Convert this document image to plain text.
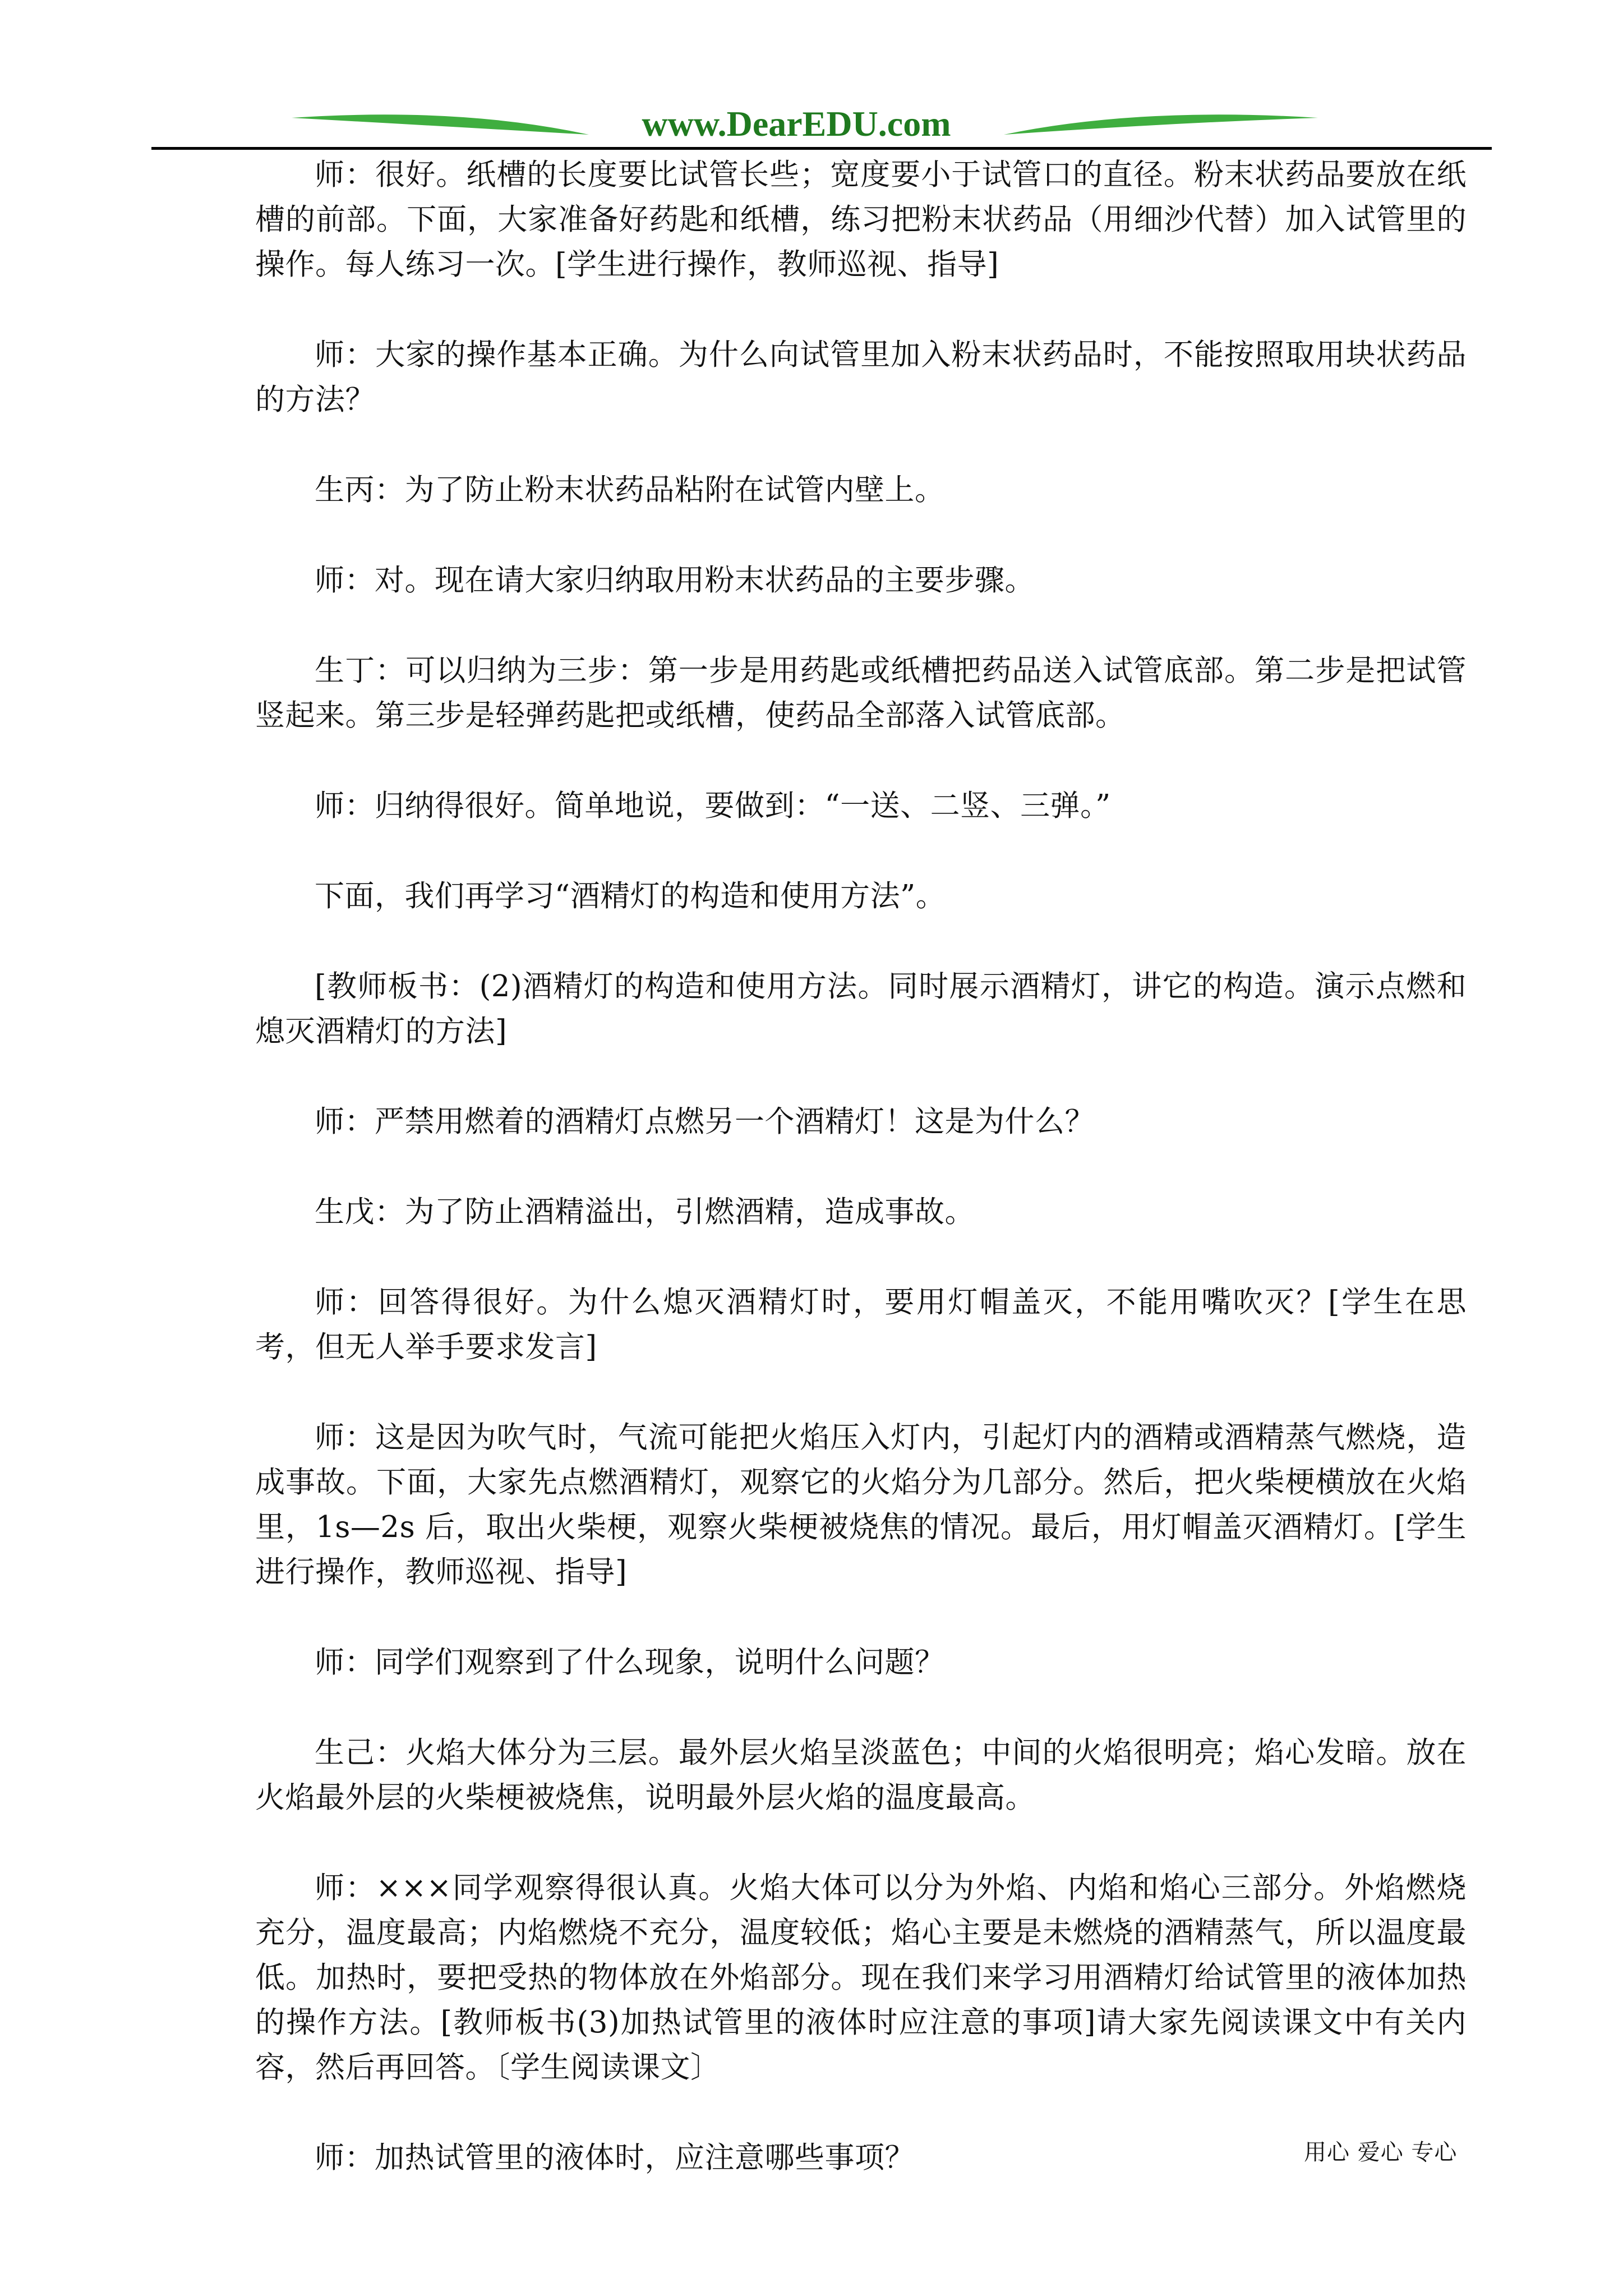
www.DearEDU.com

师：很好。纸槽的长度要比试管长些；宽度要小于试管口的直径。粉末状药品要放在纸槽的前部。下面，大家准备好药匙和纸槽，练习把粉末状药品（用细沙代替）加入试管里的操作。每人练习一次。[学生进行操作，教师巡视、指导]

师：大家的操作基本正确。为什么向试管里加入粉末状药品时，不能按照取用块状药品的方法？

生丙：为了防止粉末状药品粘附在试管内壁上。

师：对。现在请大家归纳取用粉末状药品的主要步骤。

生丁：可以归纳为三步：第一步是用药匙或纸槽把药品送入试管底部。第二步是把试管竖起来。第三步是轻弹药匙把或纸槽，使药品全部落入试管底部。

师：归纳得很好。简单地说，要做到：“一送、二竖、三弹。”

下面，我们再学习“酒精灯的构造和使用方法”。

[教师板书：(2)酒精灯的构造和使用方法。同时展示酒精灯，讲它的构造。演示点燃和熄灭酒精灯的方法]

师：严禁用燃着的酒精灯点燃另一个酒精灯！这是为什么？

生戊：为了防止酒精溢出，引燃酒精，造成事故。

师：回答得很好。为什么熄灭酒精灯时，要用灯帽盖灭，不能用嘴吹灭？[学生在思考，但无人举手要求发言]

师：这是因为吹气时，气流可能把火焰压入灯内，引起灯内的酒精或酒精蒸气燃烧，造成事故。下面，大家先点燃酒精灯，观察它的火焰分为几部分。然后，把火柴梗横放在火焰里，1s—2s 后，取出火柴梗，观察火柴梗被烧焦的情况。最后，用灯帽盖灭酒精灯。[学生进行操作，教师巡视、指导]

师：同学们观察到了什么现象，说明什么问题？

生己：火焰大体分为三层。最外层火焰呈淡蓝色；中间的火焰很明亮；焰心发暗。放在火焰最外层的火柴梗被烧焦，说明最外层火焰的温度最高。

师：×××同学观察得很认真。火焰大体可以分为外焰、内焰和焰心三部分。外焰燃烧充分，温度最高；内焰燃烧不充分，温度较低；焰心主要是未燃烧的酒精蒸气，所以温度最低。加热时，要把受热的物体放在外焰部分。现在我们来学习用酒精灯给试管里的液体加热的操作方法。[教师板书(3)加热试管里的液体时应注意的事项]请大家先阅读课文中有关内容，然后再回答。〔学生阅读课文〕

师：加热试管里的液体时，应注意哪些事项？	用心 爱心 专心
